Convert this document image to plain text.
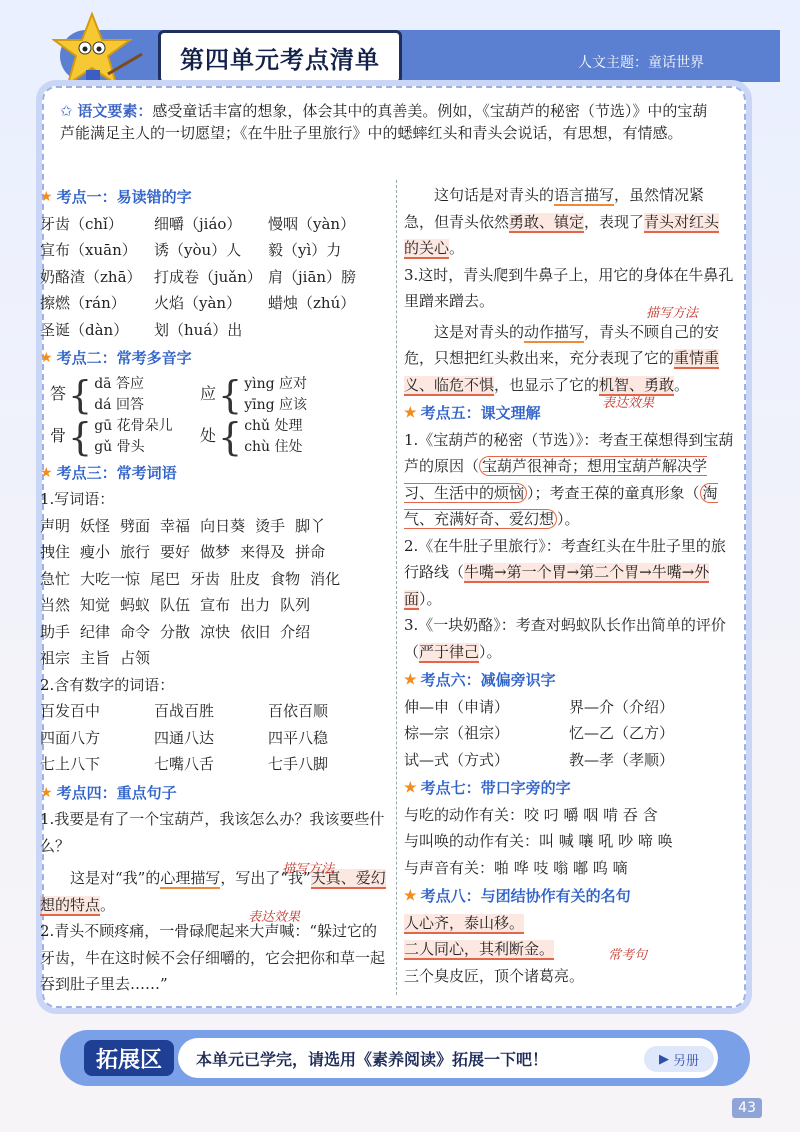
第四单元考点清单	人文主题：童话世界
✩ 语文要素：感受童话丰富的想象，体会其中的真善美。例如，《宝葫芦的秘密（节选）》中的宝葫芦能满足主人的一切愿望；《在牛肚子里旅行》中的蟋蟀红头和青头会说话，有思想，有情感。
★ 考点一：易读错的字
牙齿（chǐ）	细嚼（jiáo）	慢咽（yàn）
宣布（xuān）	诱（yòu）人	毅（yì）力
奶酪渣（zhā） 打成卷（juǎn） 肩（jiān）膀
擦燃（rán）	火焰（yàn）	蜡烛（zhú）
圣诞（dàn）	划（huá）出
★ 考点二：常考多音字
答 { dā 答应
dá 回答
应 { yìng 应对
yīng 应该
骨 { gū 花骨朵儿
gǔ 骨头
处 { chǔ 处理
chù 住处
★ 考点三：常考词语
1.写词语：
声明 妖怪 劈面 幸福 向日葵 烫手 脚丫
拽住 瘦小 旅行 要好 做梦 来得及 拼命
急忙 大吃一惊 尾巴 牙齿 肚皮 食物 消化
当然 知觉 蚂蚁 队伍 宣布 出力 队列
助手 纪律 命令 分散 凉快 依旧 介绍
祖宗 主旨 占领
2.含有数字的词语：
百发百中	百战百胜	百依百顺
四面八方	四通八达	四平八稳
七上八下	七嘴八舌	七手八脚
★ 考点四：重点句子
1.我要是有了一个宝葫芦，我该怎么办？我该要些什么？
这是对“我”的心理描写，写出了“我”天真、爱幻想的特点。
2.青头不顾疼痛，一骨碌爬起来大声喊：“躲过它的牙齿，牛在这时候不会仔细嚼的，它会把你和草一起吞到肚子里去……”
描写方法
表达效果
这句话是对青头的语言描写，虽然情况紧急，但青头依然勇敢、镇定，表现了青头对红头的关心。
3.这时，青头爬到牛鼻子上，用它的身体在牛鼻孔里蹭来蹭去。
这是对青头的动作描写，青头不顾自己的安危，只想把红头救出来，充分表现了它的重情重义、临危不惧，也显示了它的机智、勇敢。
★ 考点五：课文理解
1.《宝葫芦的秘密（节选）》：考查王葆想得到宝葫芦的原因（ 宝葫芦很神奇；想用宝葫芦解决学习、生活中的烦恼 ）；考查王葆的童真形象（ 淘气、充满好奇、爱幻想 ）。
2.《在牛肚子里旅行》：考查红头在牛肚子里的旅行路线（牛嘴→第一个胃→第二个胃→牛嘴→外面）。
3.《一块奶酪》：考查对蚂蚁队长作出简单的评价（严于律己）。
★ 考点六：减偏旁识字
伸—申（申请）	界—介（介绍）
棕—宗（祖宗）	忆—乙（乙方）
试—式（方式）	教—孝（孝顺）
★ 考点七：带口字旁的字
与吃的动作有关：咬 叼 嚼 咽 啃 吞 含
与叫唤的动作有关：叫 喊 嚷 吼 吵 啼 唤
与声音有关：啪 哗 吱 嗡 嘟 呜 嘀
★ 考点八：与团结协作有关的名句
人心齐，泰山移。
二人同心，其利断金。
三个臭皮匠，顶个诸葛亮。
描写方法
表达效果
常考句
拓展区	本单元已学完，请选用《素养阅读》拓展一下吧！	▶ 另册
43
